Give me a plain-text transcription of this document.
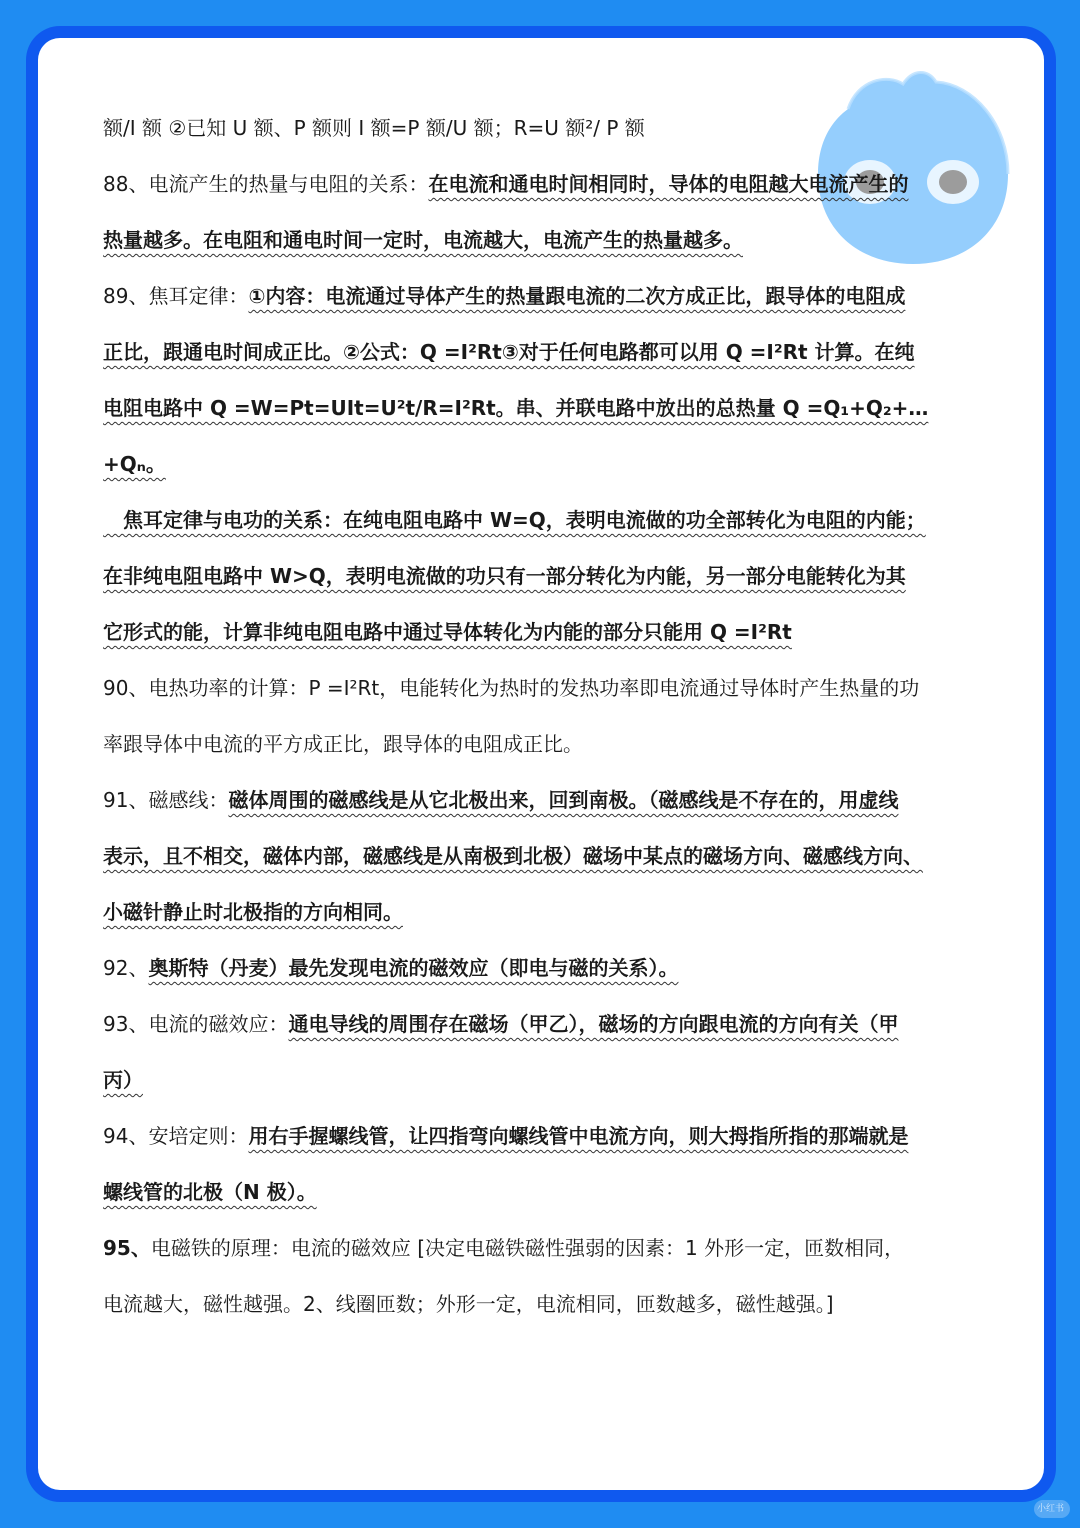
额/I 额 ②已知 U 额、P 额则 I 额=P 额/U 额；R=U 额²/ P 额
88、电流产生的热量与电阻的关系：在电流和通电时间相同时，导体的电阻越大电流产生的
热量越多。在电阻和通电时间一定时，电流越大，电流产生的热量越多。
89、焦耳定律：①内容：电流通过导体产生的热量跟电流的二次方成正比，跟导体的电阻成
正比，跟通电时间成正比。②公式：Q =I²Rt③对于任何电路都可以用 Q =I²Rt 计算。在纯
电阻电路中 Q =W=Pt=UIt=U²t/R=I²Rt。串、并联电路中放出的总热量 Q =Q₁+Q₂+…
+Qₙ。
　焦耳定律与电功的关系：在纯电阻电路中 W=Q，表明电流做的功全部转化为电阻的内能；
在非纯电阻电路中 W>Q，表明电流做的功只有一部分转化为内能，另一部分电能转化为其
它形式的能，计算非纯电阻电路中通过导体转化为内能的部分只能用 Q =I²Rt
90、电热功率的计算：P =I²Rt，电能转化为热时的发热功率即电流通过导体时产生热量的功
率跟导体中电流的平方成正比，跟导体的电阻成正比。
91、磁感线：磁体周围的磁感线是从它北极出来，回到南极。（磁感线是不存在的，用虚线
表示，且不相交，磁体内部，磁感线是从南极到北极）磁场中某点的磁场方向、磁感线方向、
小磁针静止时北极指的方向相同。
92、奥斯特（丹麦）最先发现电流的磁效应（即电与磁的关系）。
93、电流的磁效应：通电导线的周围存在磁场（甲乙），磁场的方向跟电流的方向有关（甲
丙）
94、安培定则：用右手握螺线管，让四指弯向螺线管中电流方向，则大拇指所指的那端就是
螺线管的北极（N 极）。
95、电磁铁的原理：电流的磁效应 [决定电磁铁磁性强弱的因素：1 外形一定，匝数相同，
电流越大，磁性越强。2、线圈匝数；外形一定，电流相同，匝数越多，磁性越强。]
小红书
